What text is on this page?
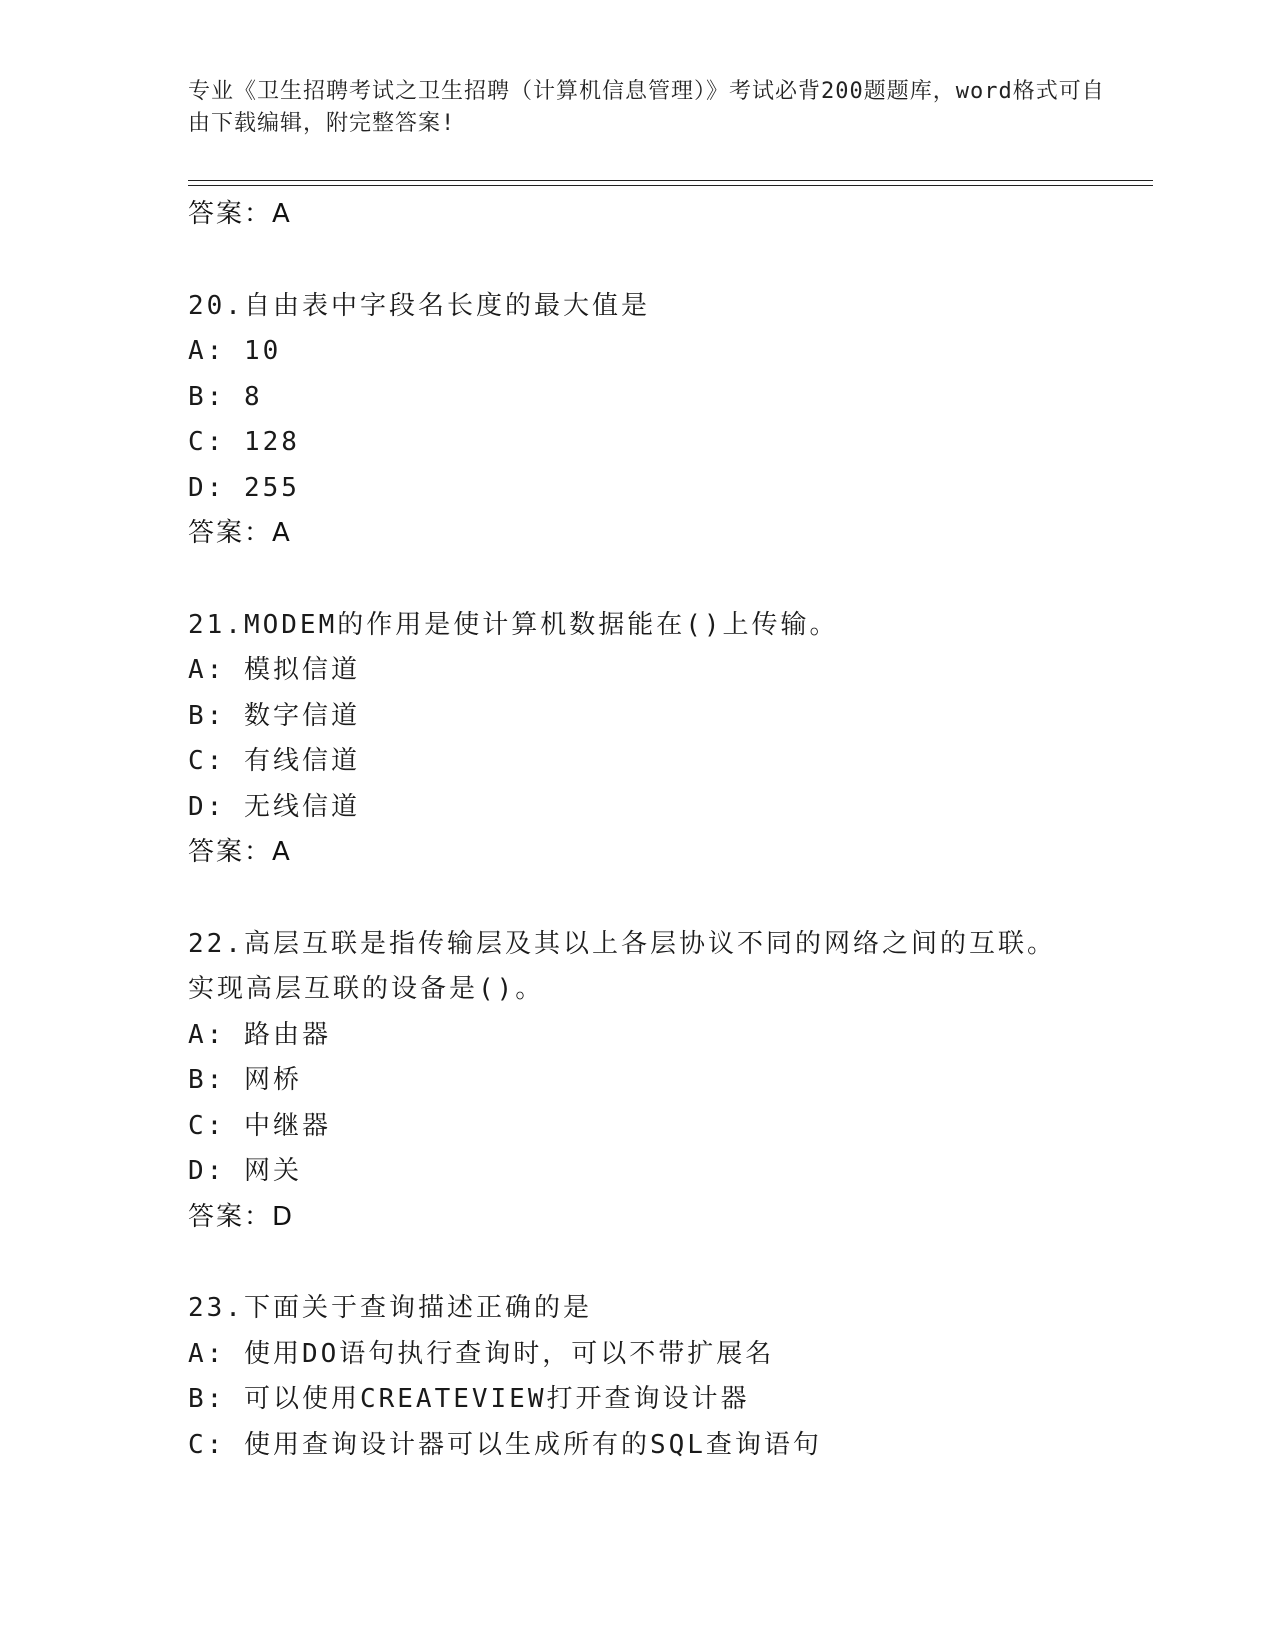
专业《卫生招聘考试之卫生招聘（计算机信息管理）》考试必背200题题库，word格式可自由下载编辑，附完整答案!
答案：A
20.自由表中字段名长度的最大值是
A: 10
B: 8
C: 128
D: 255
答案：A
21.MODEM的作用是使计算机数据能在()上传输。
A: 模拟信道
B: 数字信道
C: 有线信道
D: 无线信道
答案：A
22.高层互联是指传输层及其以上各层协议不同的网络之间的互联。实现高层互联的设备是()。
A: 路由器
B: 网桥
C: 中继器
D: 网关
答案：D
23.下面关于查询描述正确的是
A: 使用DO语句执行查询时，可以不带扩展名
B: 可以使用CREATEVIEW打开查询设计器
C: 使用查询设计器可以生成所有的SQL查询语句
